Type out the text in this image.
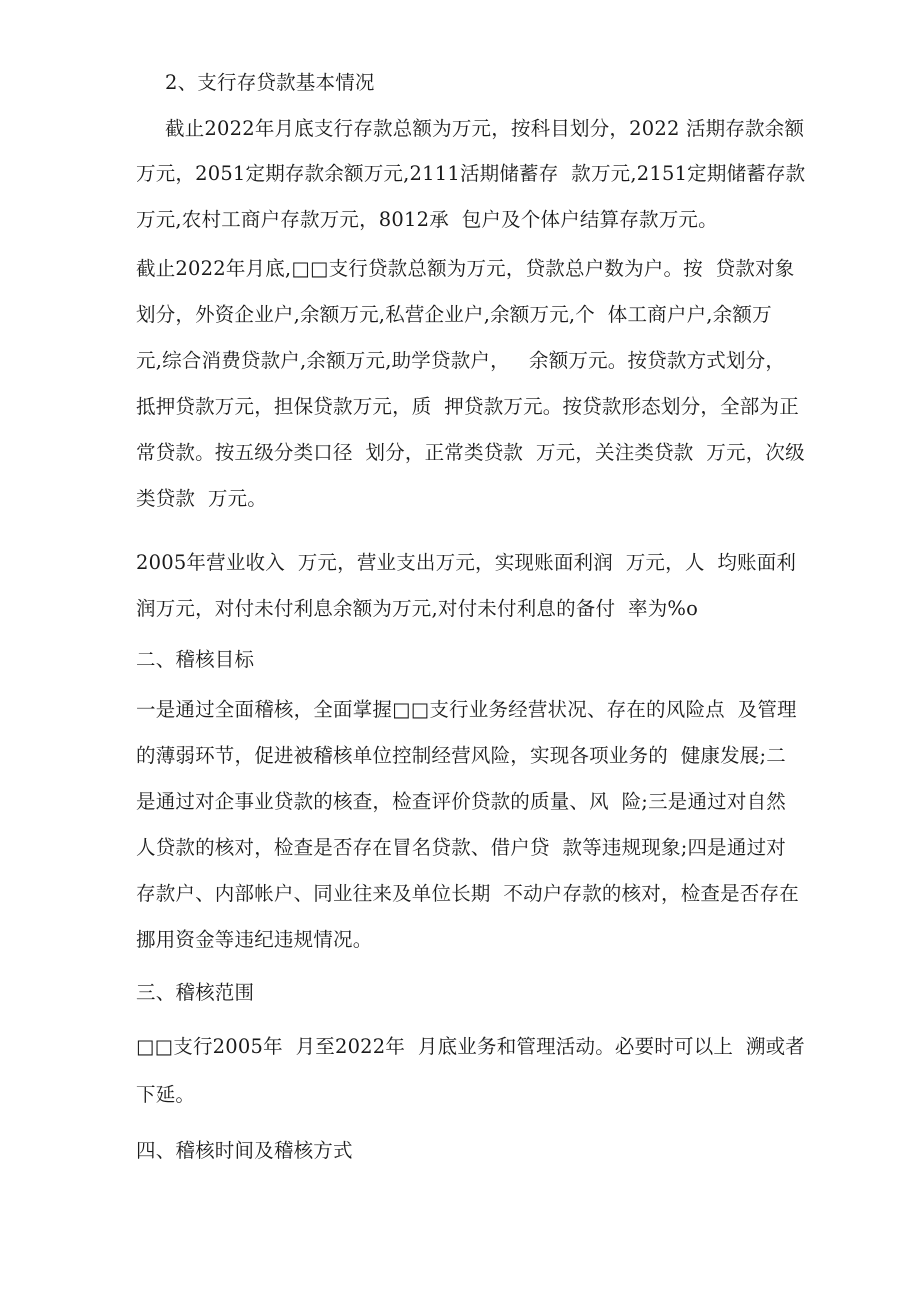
2、支行存贷款基本情况
截止2022年月底支行存款总额为万元，按科目划分，2022 活期存款余额
万元，2051定期存款余额万元,2111活期储蓄存  款万元,2151定期储蓄存款
万元,农村工商户存款万元，8012承  包户及个体户结算存款万元。
截止2022年月底,□□支行贷款总额为万元，贷款总户数为户。按  贷款对象
划分，外资企业户,余额万元,私营企业户,余额万元,个  体工商户户,余额万
元,综合消费贷款户,余额万元,助学贷款户，   余额万元。按贷款方式划分，
抵押贷款万元，担保贷款万元，质  押贷款万元。按贷款形态划分，全部为正
常贷款。按五级分类口径  划分，正常类贷款  万元，关注类贷款  万元，次级
类贷款  万元。
2005年营业收入  万元，营业支出万元，实现账面利润  万元，人  均账面利
润万元，对付未付利息余额为万元,对付未付利息的备付  率为%o
二、稽核目标
一是通过全面稽核，全面掌握□□支行业务经营状况、存在的风险点  及管理
的薄弱环节，促进被稽核单位控制经营风险，实现各项业务的  健康发展;二
是通过对企事业贷款的核查，检查评价贷款的质量、风  险;三是通过对自然
人贷款的核对，检查是否存在冒名贷款、借户贷  款等违规现象;四是通过对
存款户、内部帐户、同业往来及单位长期  不动户存款的核对，检查是否存在
挪用资金等违纪违规情况。
三、稽核范围
□□支行2005年  月至2022年  月底业务和管理活动。必要时可以上  溯或者
下延。
四、稽核时间及稽核方式
